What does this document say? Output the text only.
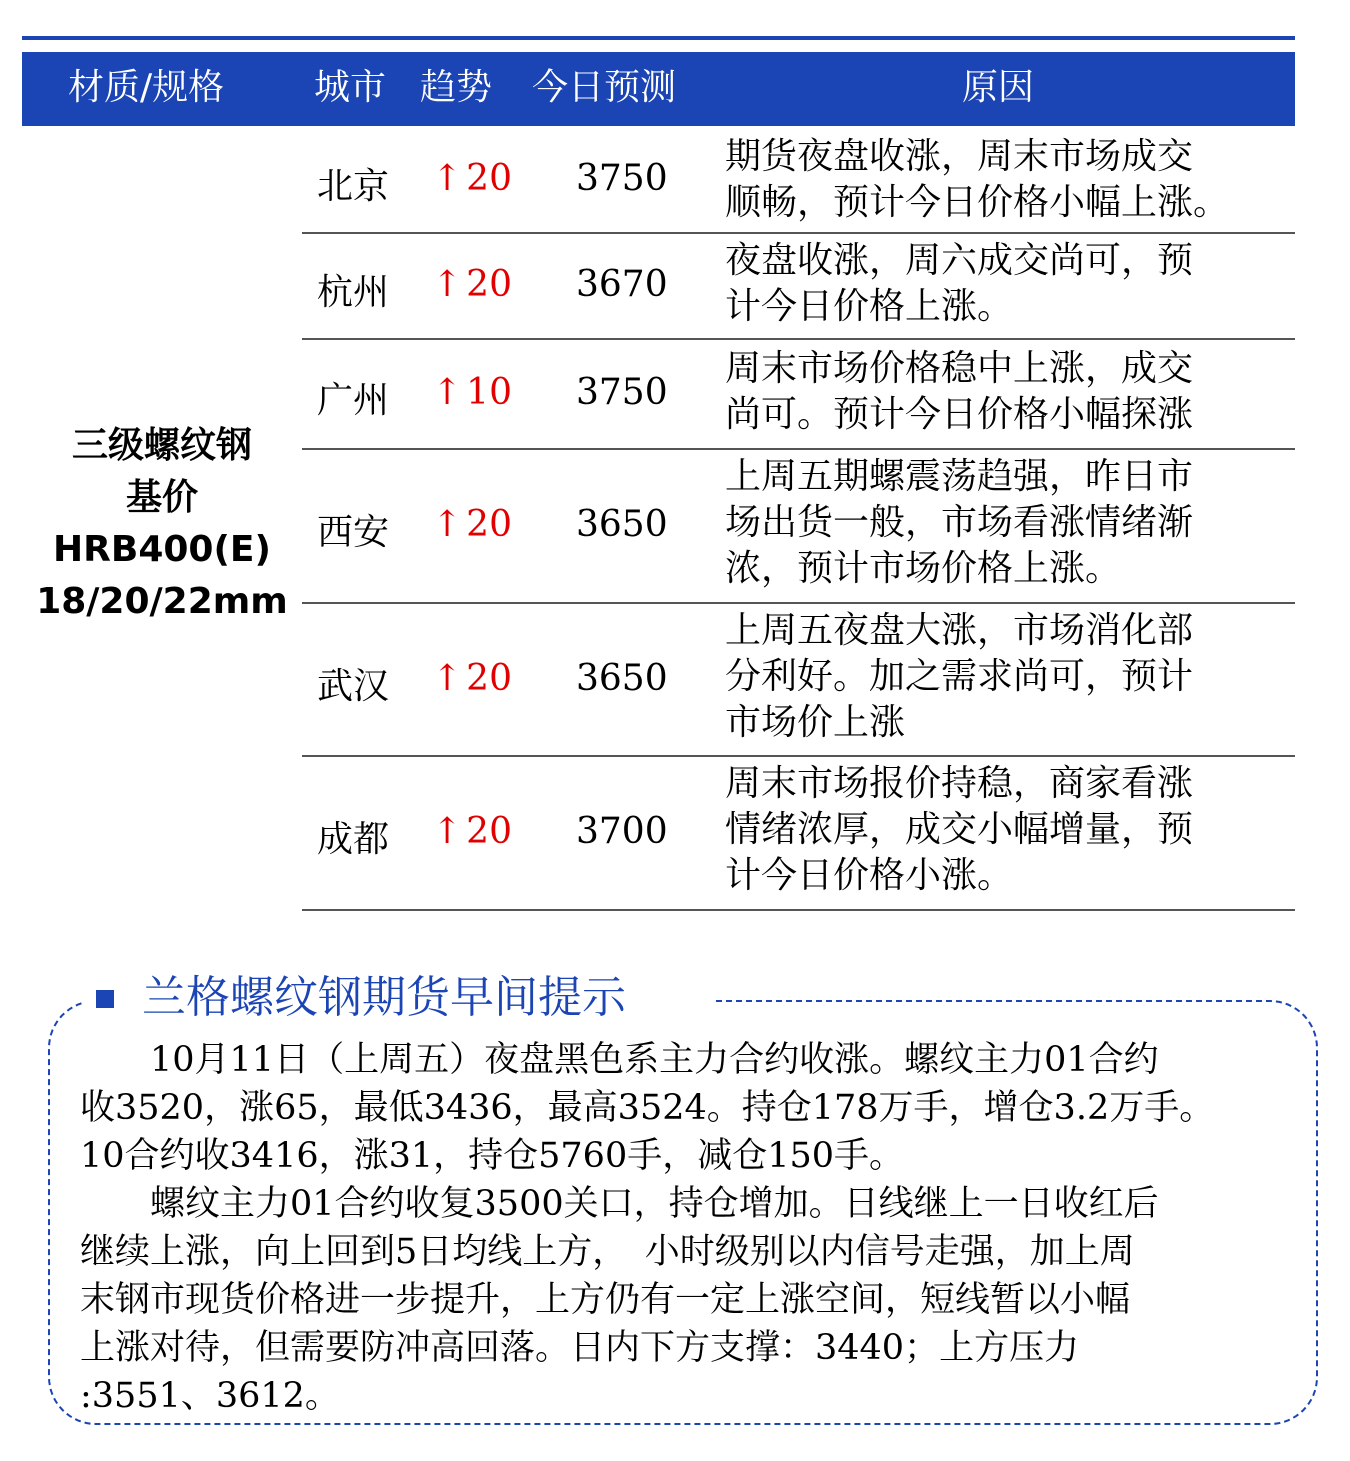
材质/规格 城市 趋势 今日预测	原因
三级螺纹钢
基价
HRB400(E)
18/20/22mm
北京 ↑ 20 3750
期货夜盘收涨，周末市场成交
顺畅，预计今日价格小幅上涨。
杭州 ↑ 20 3670
夜盘收涨，周六成交尚可，预
计今日价格上涨。
广州 ↑ 10 3750
周末市场价格稳中上涨，成交
尚可。预计今日价格小幅探涨
西安 ↑ 20 3650
上周五期螺震荡趋强，昨日市
场出货一般，市场看涨情绪渐
浓，预计市场价格上涨。
武汉 ↑ 20 3650
上周五夜盘大涨，市场消化部
分利好。加之需求尚可，预计
市场价上涨
成都 ↑ 20 3700
周末市场报价持稳，商家看涨
情绪浓厚，成交小幅增量，预
计今日价格小涨。
兰格螺纹钢期货早间提示
　　10月11日（上周五）夜盘黑色系主力合约收涨。螺纹主力01合约
收3520，涨65，最低3436，最高3524。持仓178万手，增仓3.2万手。
10合约收3416，涨31，持仓5760手，减仓150手。
　　螺纹主力01合约收复3500关口，持仓增加。日线继上一日收红后
继续上涨，向上回到5日均线上方，　小时级别以内信号走强，加上周
末钢市现货价格进一步提升，上方仍有一定上涨空间，短线暂以小幅
上涨对待，但需要防冲高回落。日内下方支撑：3440；上方压力
:3551、3612。
